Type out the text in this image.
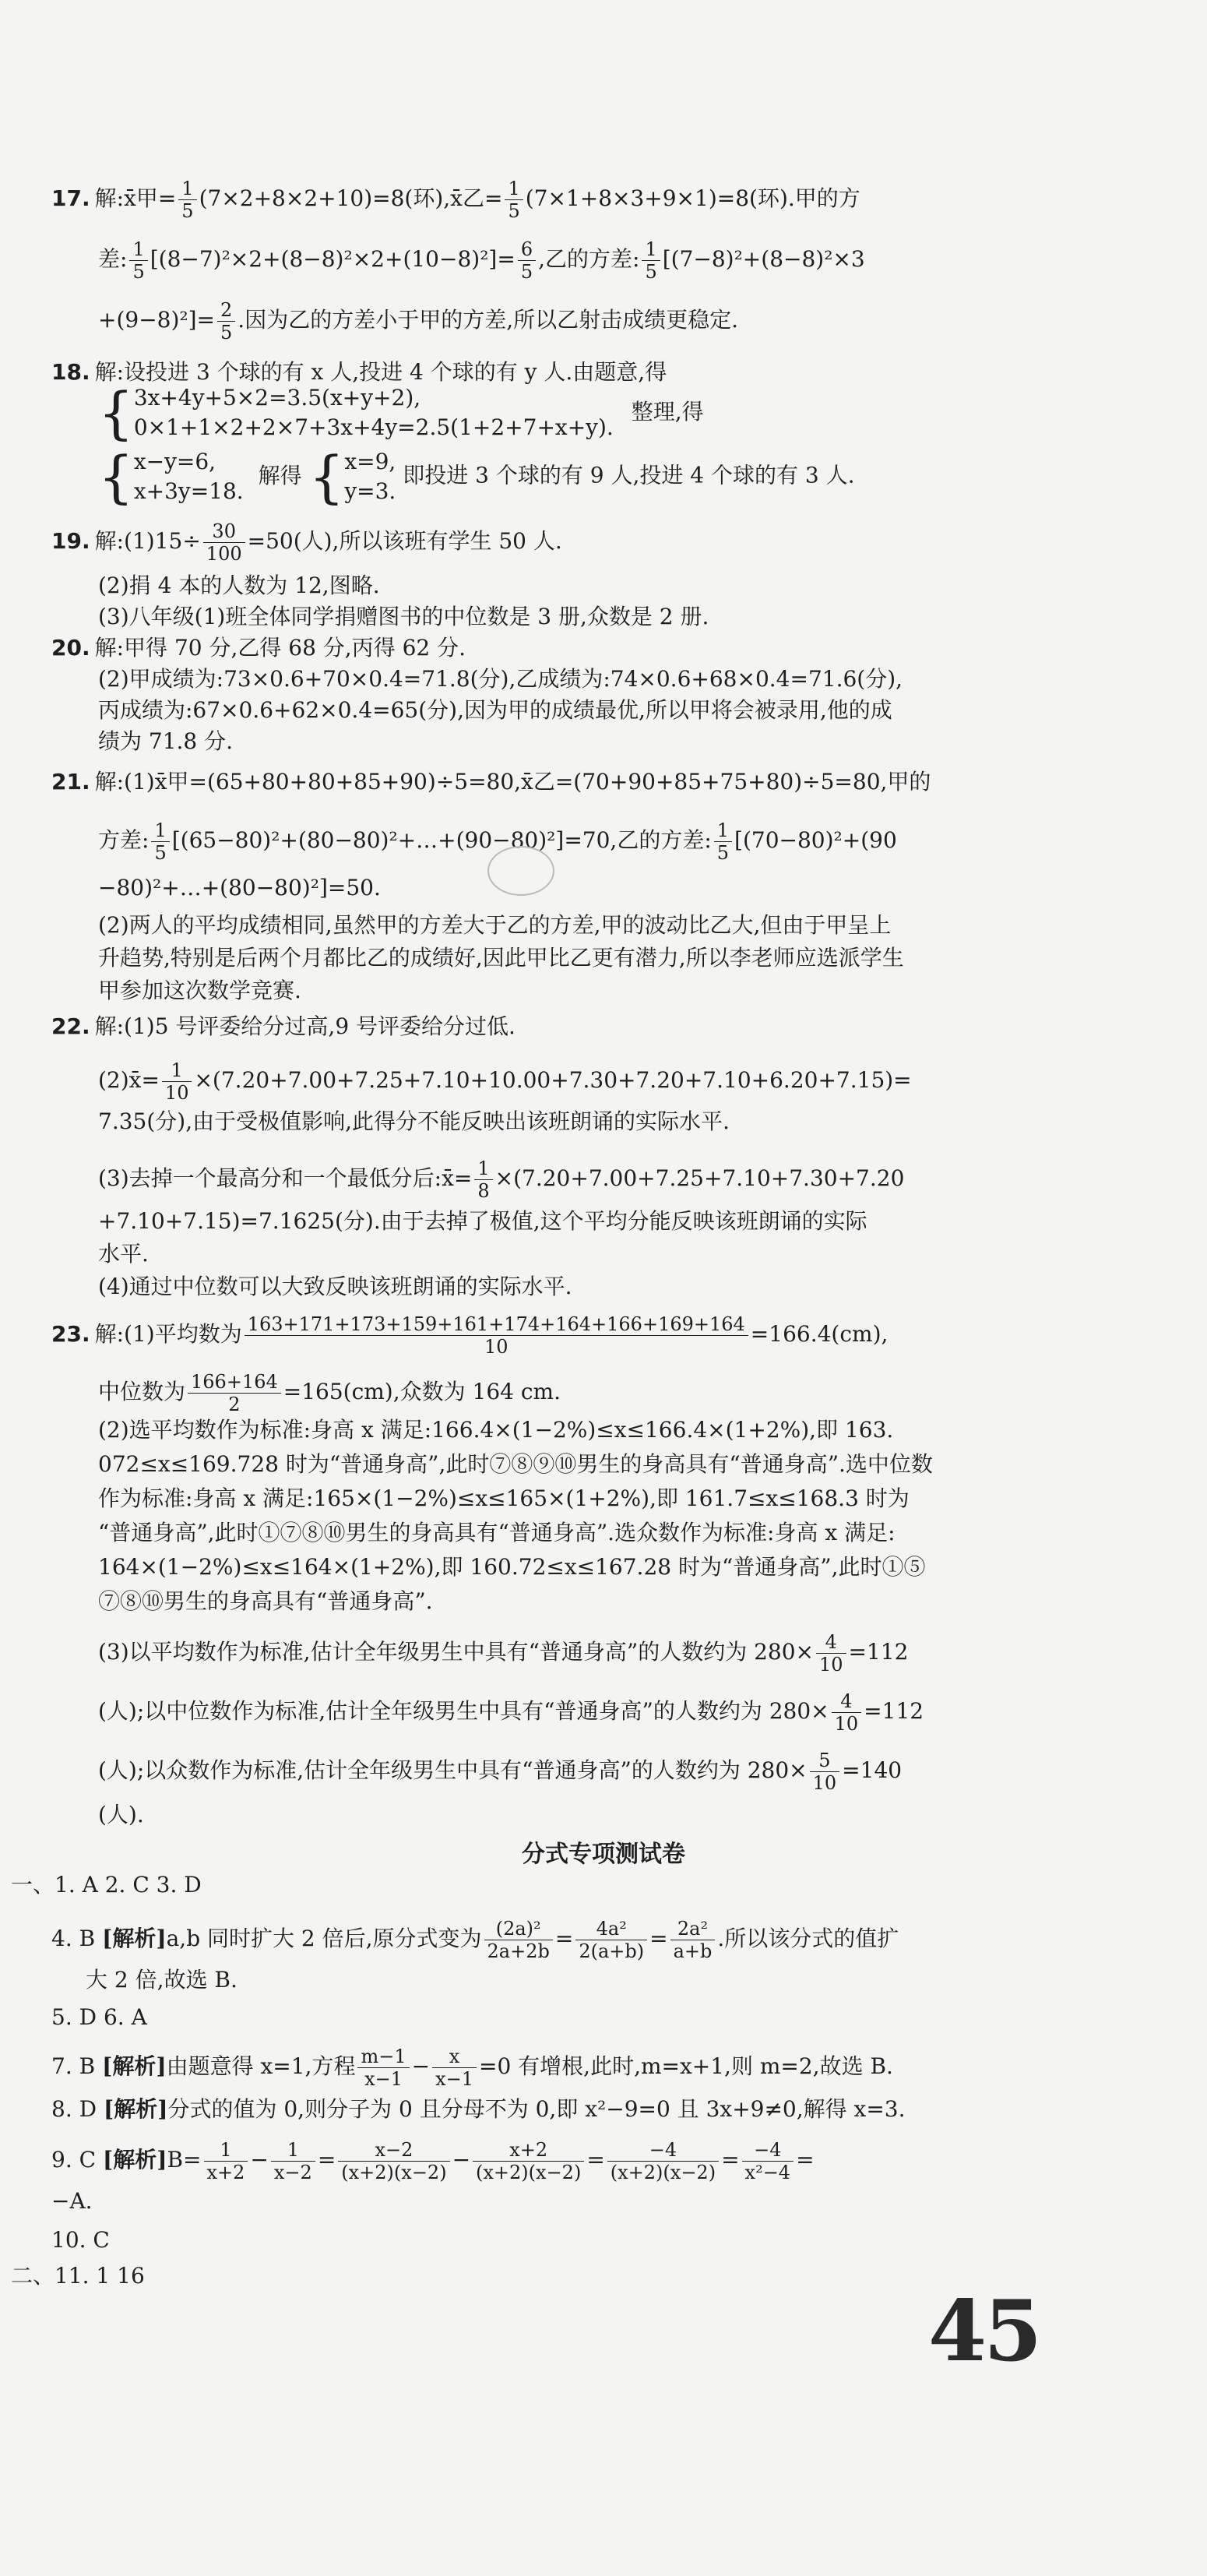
17. 解:x̄甲= $\frac{1}{5} (7\times 2+8\times 2+10)=8$(环),x̄乙= $\frac{1}{5} (7\times 1+8\times 3+9\times 1)=8$(环).甲的方
差: $\frac{1}{5} [(8-7)^2\times 2+(8-8)^2\times 2+(10-8)^2]= \frac{6}{5}$ ,乙的方差: $\frac{1}{5} [(7-8)^2+(8-8)^2\times 3$
$+(9-8)^2]= \frac{2}{5}$ .因为乙的方差小于甲的方差,所以乙射击成绩更稳定.
18. 解:设投进 3 个球的有 x 人,投进 4 个球的有 y 人.由题意,得
{ 3x+4y+5×2=3.5(x+y+2),
0×1+1×2+2×7+3x+4y=2.5(1+2+7+x+y).
整理,得
{ x−y=6,
x+3y=18.
解得 { x=9,
y=3.
即投进 3 个球的有 9 人,投进 4 个球的有 3 人.
19. 解:(1)15÷ $\frac{30}{100} =50$(人),所以该班有学生 50 人.
(2)捐 4 本的人数为 12,图略.
(3)八年级(1)班全体同学捐赠图书的中位数是 3 册,众数是 2 册.
20. 解:甲得 70 分,乙得 68 分,丙得 62 分.
(2)甲成绩为:73×0.6+70×0.4=71.8(分),乙成绩为:74×0.6+68×0.4=71.6(分),
丙成绩为:67×0.6+62×0.4=65(分),因为甲的成绩最优,所以甲将会被录用,他的成
绩为 71.8 分.
21. 解:(1)x̄甲=(65+80+80+85+90)÷5=80,x̄乙=(70+90+85+75+80)÷5=80,甲的
方差: $\frac{1}{5}$ [(65−80)²+(80−80)²+…+(90−80)²]=70,乙的方差: $\frac{1}{5} [(70-80)^2+(90$
−80)²+…+(80−80)²]=50.
(2)两人的平均成绩相同,虽然甲的方差大于乙的方差,甲的波动比乙大,但由于甲呈上
升趋势,特别是后两个月都比乙的成绩好,因此甲比乙更有潜力,所以李老师应选派学生
甲参加这次数学竞赛.
22. 解:(1)5 号评委给分过高,9 号评委给分过低.
(2)x̄= $\frac{1}{10} \times(7.20+7.00+7.25+7.10+10.00+7.30+7.20+7.10+6.20+7.15)=$
7.35(分),由于受极值影响,此得分不能反映出该班朗诵的实际水平.
(3)去掉一个最高分和一个最低分后:x̄= $\frac{1}{8} \times(7.20+7.00+7.25+7.10+7.30+7.20$
+7.10+7.15)=7.1625(分).由于去掉了极值,这个平均分能反映该班朗诵的实际
水平.
(4)通过中位数可以大致反映该班朗诵的实际水平.
23. 解:(1)平均数为 $\frac{163+171+173+159+161+174+164+166+169+164}{10} =166.4(cm)$,
中位数为 $\frac{166+164}{2} =165(cm)$,众数为 164 cm.
(2)选平均数作为标准:身高 x 满足:166.4×(1−2%)≤x≤166.4×(1+2%),即 163.
072≤x≤169.728 时为“普通身高”,此时⑦⑧⑨⑩男生的身高具有“普通身高”.选中位数
作为标准:身高 x 满足:165×(1−2%)≤x≤165×(1+2%),即 161.7≤x≤168.3 时为
“普通身高”,此时①⑦⑧⑩男生的身高具有“普通身高”.选众数作为标准:身高 x 满足:
164×(1−2%)≤x≤164×(1+2%),即 160.72≤x≤167.28 时为“普通身高”,此时①⑤
⑦⑧⑩男生的身高具有“普通身高”.
(3)以平均数作为标准,估计全年级男生中具有“普通身高”的人数约为 $280\times \frac{4}{10} =112$
(人);以中位数作为标准,估计全年级男生中具有“普通身高”的人数约为 $280\times \frac{4}{10} =112$
(人);以众数作为标准,估计全年级男生中具有“普通身高”的人数约为 $280\times \frac{5}{10} =140$
(人).
分式专项测试卷
一、1. A 2. C 3. D
4. B [解析]a,b 同时扩大 2 倍后,原分式变为 $\frac{\text{(2a)²}}{2a+2b} = \frac{\text{4a²}}{2(a+b)} = \frac{\text{2a²}}{a+b}$ .所以该分式的值扩
大 2 倍,故选 B.
5. D 6. A
7. B [解析]由题意得 x=1,方程 $\frac{m-1}{x-1} - \frac{x}{x-1} =0$ 有增根,此时,m=x+1,则 m=2,故选 B.
8. D [解析]分式的值为 0,则分子为 0 且分母不为 0,即 x²−9=0 且 3x+9≠0,解得 x=3.
9. C [解析]$B= \frac{1}{x+2} - \frac{1}{x-2} = \frac{x-2}{(x+2)(x-2)} - \frac{x+2}{(x+2)(x-2)} = \frac{-4}{(x+2)(x-2)} = \frac{-4}{\text{x²−4}}$ =
−A.
10. C
二、11. 1 16
45
